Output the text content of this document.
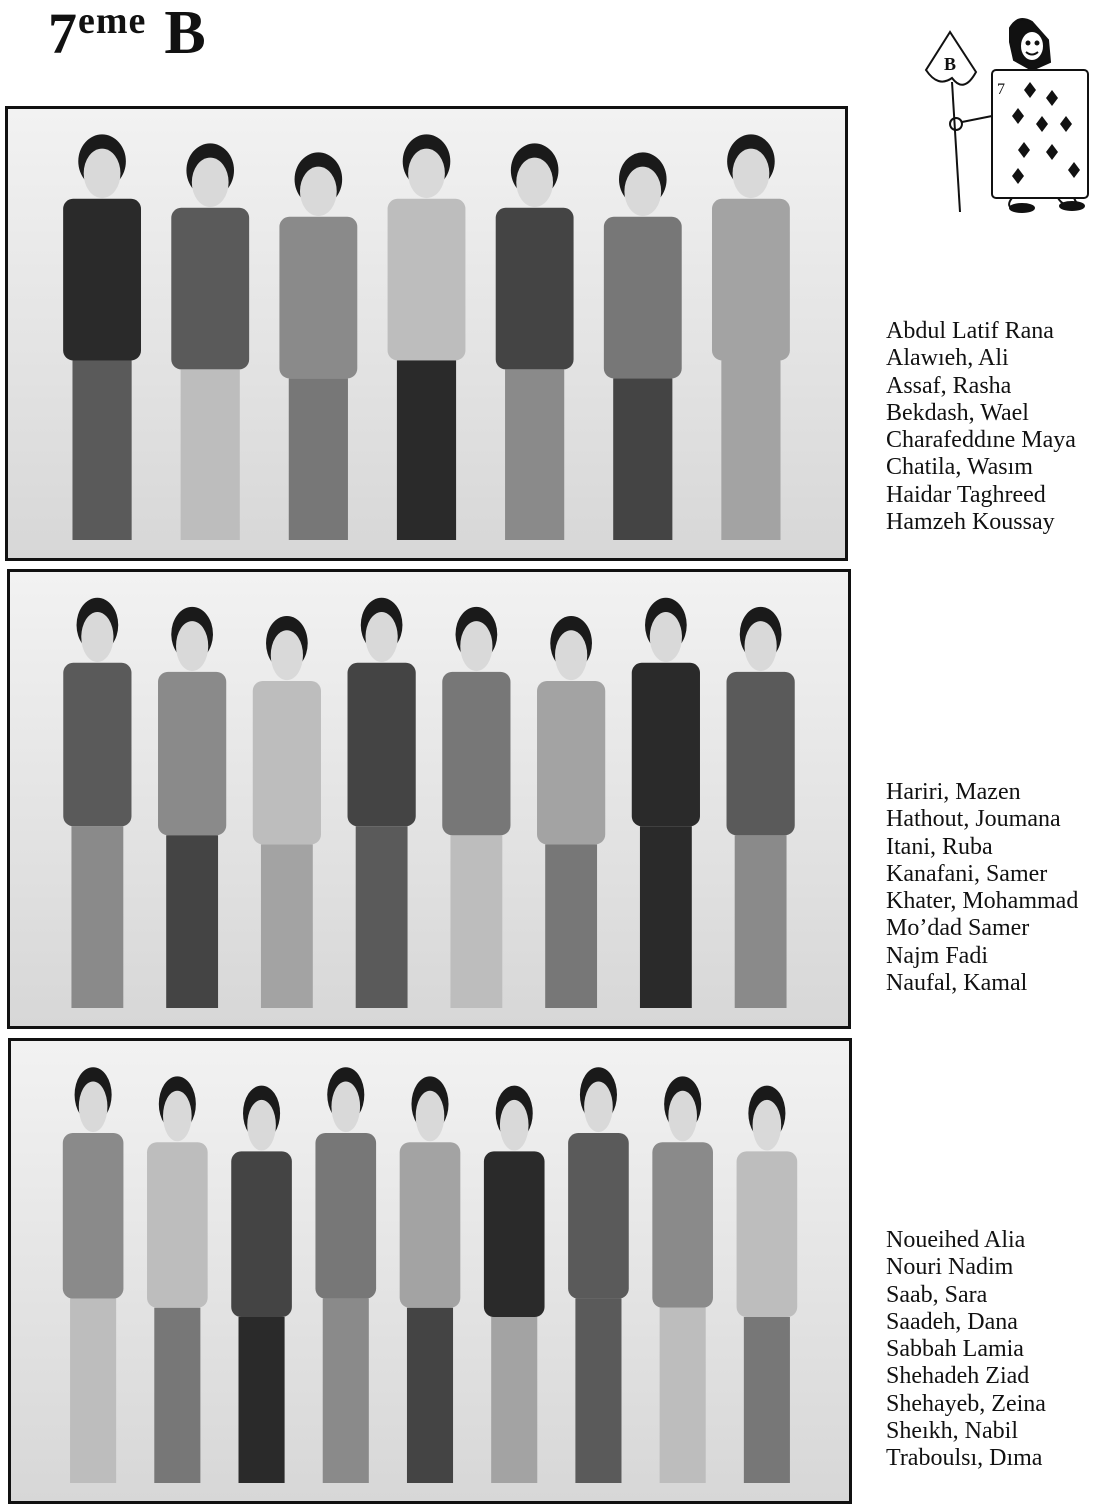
7eme B	B
7
Abdul Latif Rana
Alawıeh, Ali
Assaf, Rasha
Bekdash, Wael
Charafeddıne Maya
Chatila, Wasım
Haidar Taghreed
Hamzeh Koussay
Hariri, Mazen
Hathout, Joumana
Itani, Ruba
Kanafani, Samer
Khater, Mohammad
Mo’dad Samer
Najm Fadi
Naufal, Kamal
Noueihed Alia
Nouri Nadim
Saab, Sara
Saadeh, Dana
Sabbah Lamia
Shehadeh Ziad
Shehayeb, Zeina
Sheıkh, Nabil
Traboulsı, Dıma
